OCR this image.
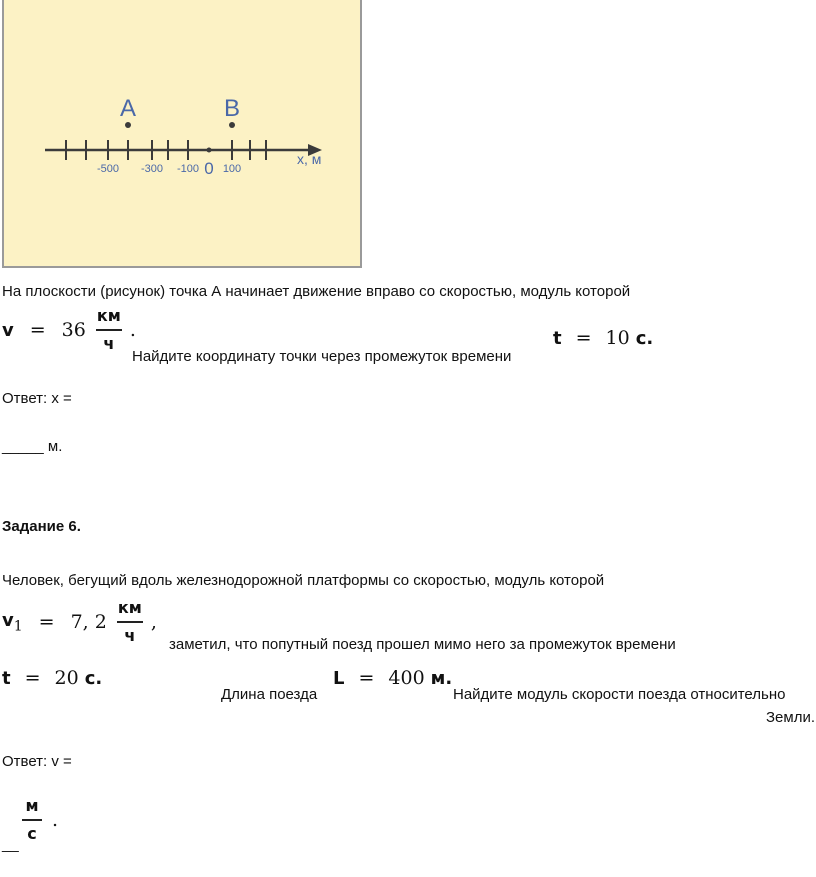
A	B
-500 -300 -100 0 100
x, м
На плоскости (рисунок) точка А начинает движение вправо со скоростью, модуль которой
$v = 36 \frac{км}{ч}$ .
Найдите координату точки через промежуток времени
t = 10 с.
Ответ: x =
_____ м.
Задание 6.
Человек, бегущий вдоль железнодорожной платформы со скоростью, модуль которой
$v_1 = 7$, $2 \frac{км}{ч}$ ,
заметил, что попутный поезд прошел мимо него за промежуток времени
t = 20 с.
Длина поезда
L = 400 м.
Найдите модуль скорости поезда относительно
Земли.
Ответ: v =
$\frac{м}{с}$ .
__
